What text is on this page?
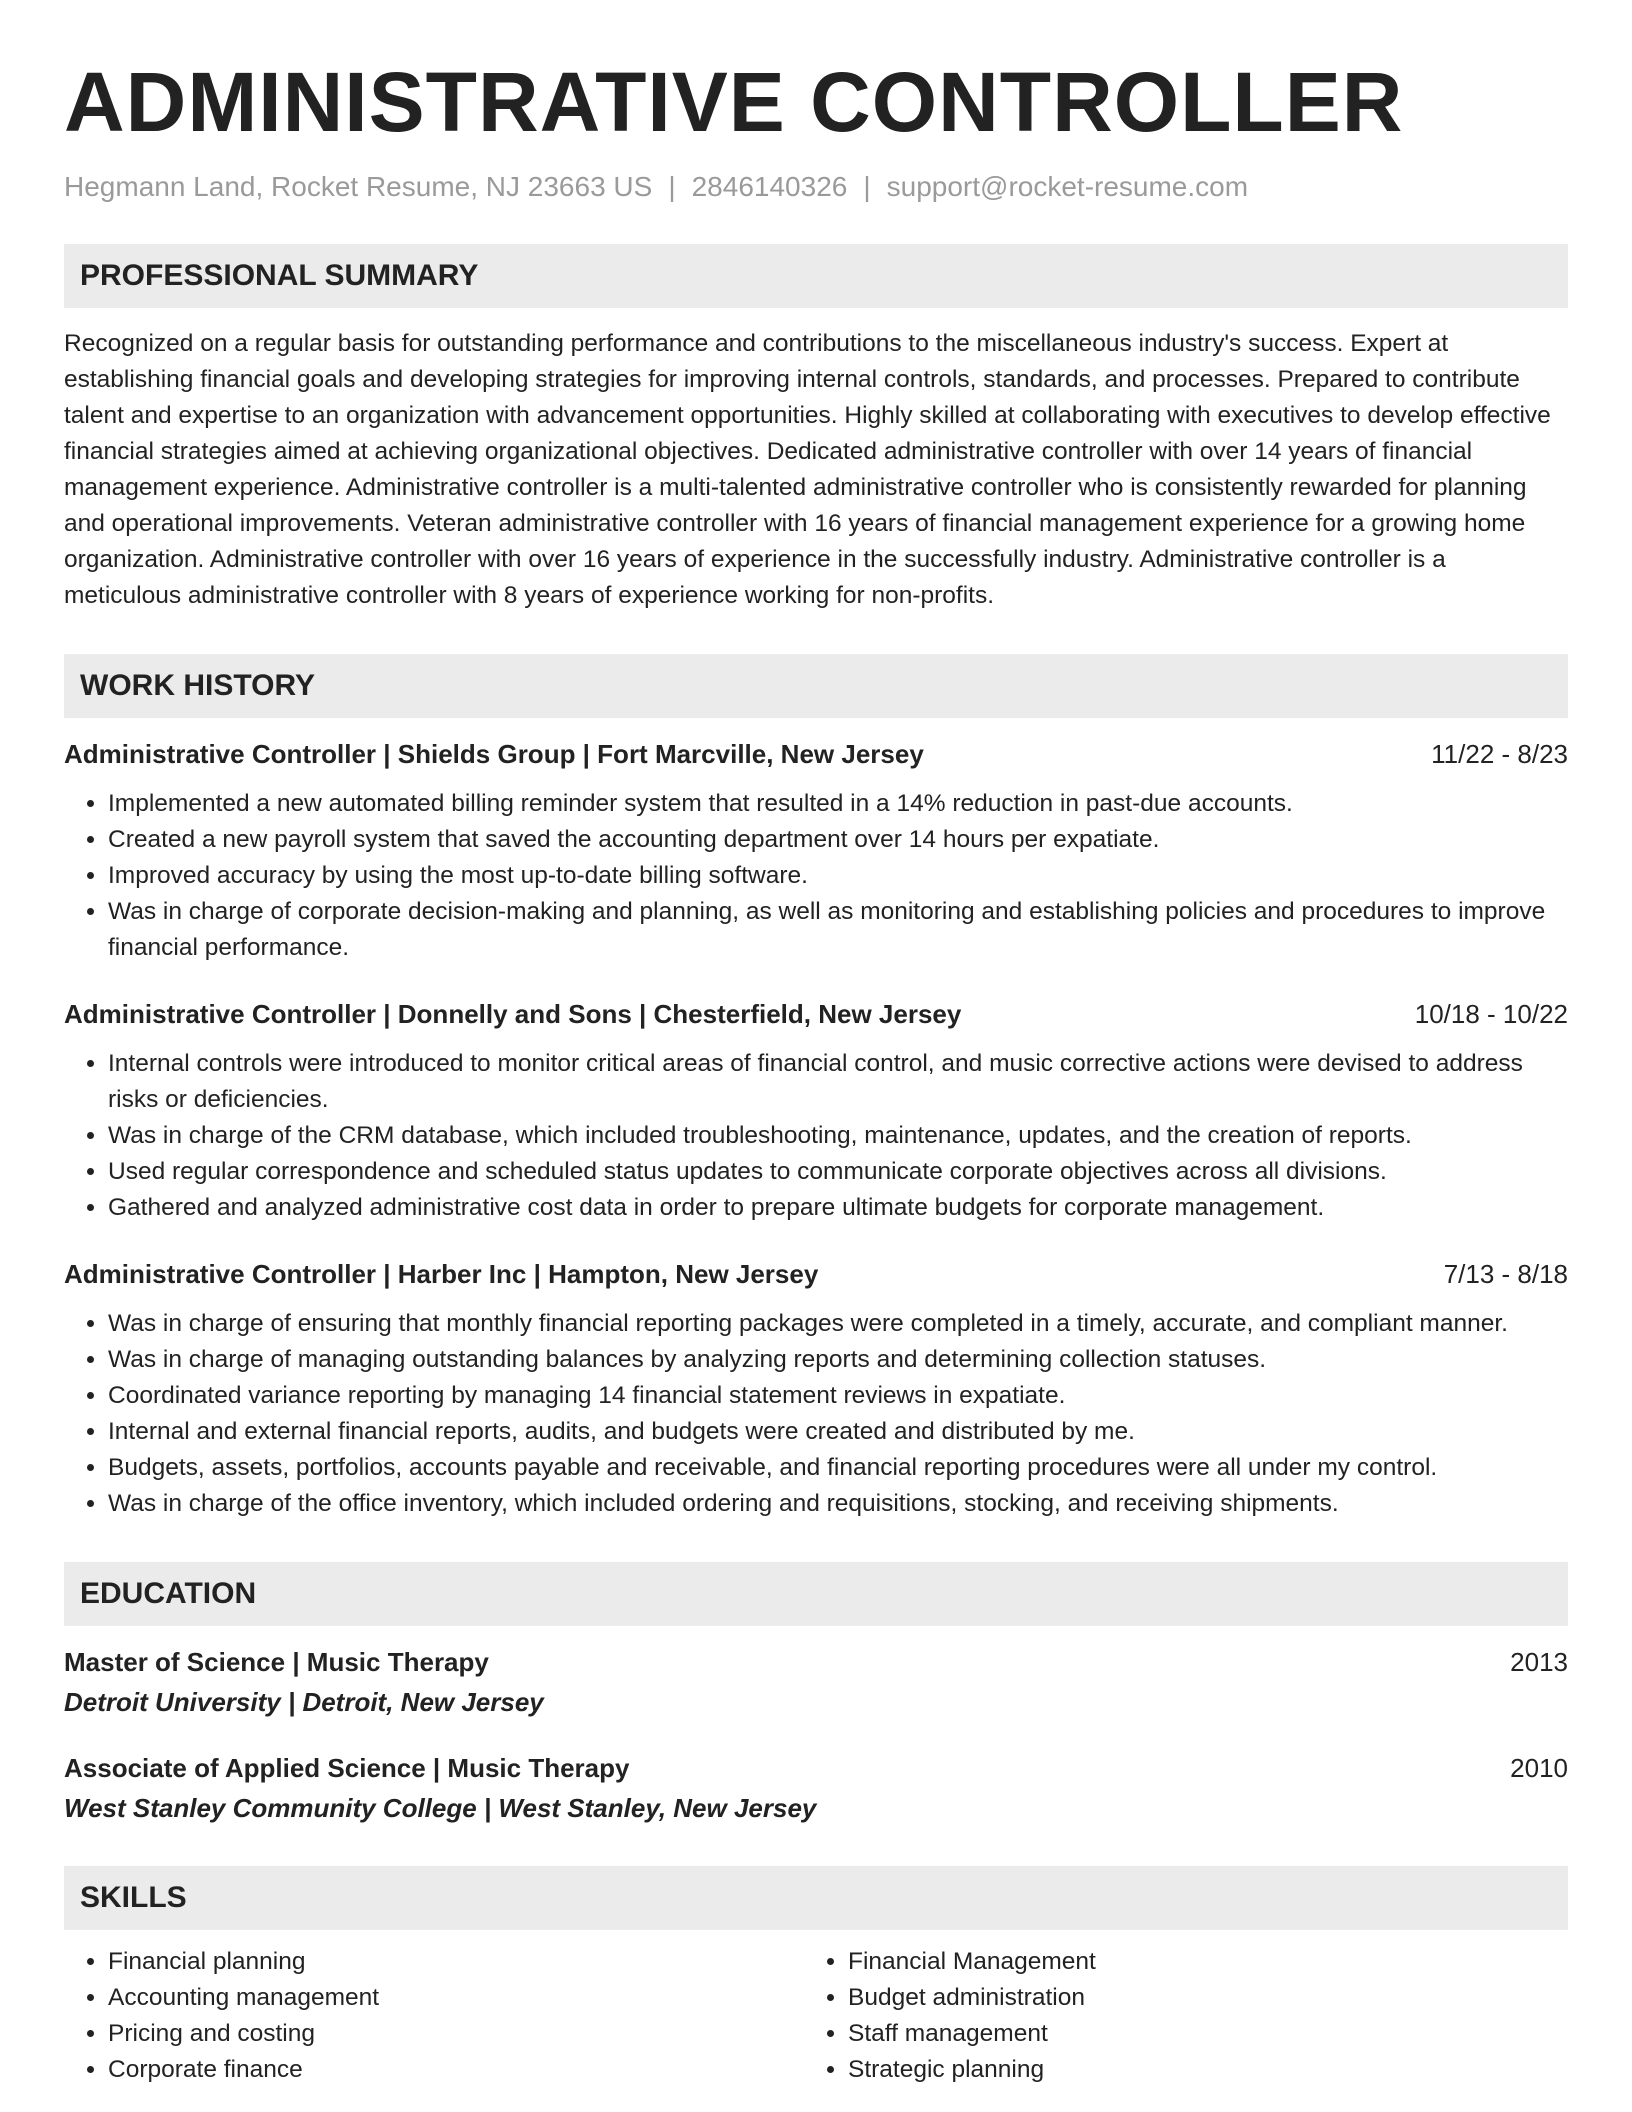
ADMINISTRATIVE CONTROLLER
Hegmann Land, Rocket Resume, NJ 23663 US | 2846140326 | support@rocket-resume.com
PROFESSIONAL SUMMARY
Recognized on a regular basis for outstanding performance and contributions to the miscellaneous industry's success. Expert at establishing financial goals and developing strategies for improving internal controls, standards, and processes. Prepared to contribute talent and expertise to an organization with advancement opportunities. Highly skilled at collaborating with executives to develop effective financial strategies aimed at achieving organizational objectives. Dedicated administrative controller with over 14 years of financial management experience. Administrative controller is a multi-talented administrative controller who is consistently rewarded for planning and operational improvements. Veteran administrative controller with 16 years of financial management experience for a growing home organization. Administrative controller with over 16 years of experience in the successfully industry. Administrative controller is a meticulous administrative controller with 8 years of experience working for non-profits.
WORK HISTORY
Administrative Controller | Shields Group | Fort Marcville, New Jersey	11/22 - 8/23
• Implemented a new automated billing reminder system that resulted in a 14% reduction in past-due accounts.
• Created a new payroll system that saved the accounting department over 14 hours per expatiate.
• Improved accuracy by using the most up-to-date billing software.
• Was in charge of corporate decision-making and planning, as well as monitoring and establishing policies and procedures to improve financial performance.
Administrative Controller | Donnelly and Sons | Chesterfield, New Jersey	10/18 - 10/22
• Internal controls were introduced to monitor critical areas of financial control, and music corrective actions were devised to address risks or deficiencies.
• Was in charge of the CRM database, which included troubleshooting, maintenance, updates, and the creation of reports.
• Used regular correspondence and scheduled status updates to communicate corporate objectives across all divisions.
• Gathered and analyzed administrative cost data in order to prepare ultimate budgets for corporate management.
Administrative Controller | Harber Inc | Hampton, New Jersey	7/13 - 8/18
• Was in charge of ensuring that monthly financial reporting packages were completed in a timely, accurate, and compliant manner.
• Was in charge of managing outstanding balances by analyzing reports and determining collection statuses.
• Coordinated variance reporting by managing 14 financial statement reviews in expatiate.
• Internal and external financial reports, audits, and budgets were created and distributed by me.
• Budgets, assets, portfolios, accounts payable and receivable, and financial reporting procedures were all under my control.
• Was in charge of the office inventory, which included ordering and requisitions, stocking, and receiving shipments.
EDUCATION
Master of Science | Music Therapy	2013
Detroit University | Detroit, New Jersey
Associate of Applied Science | Music Therapy	2010
West Stanley Community College | West Stanley, New Jersey
SKILLS
• Financial planning
• Accounting management
• Pricing and costing
• Corporate finance
• Financial Management
• Budget administration
• Staff management
• Strategic planning
